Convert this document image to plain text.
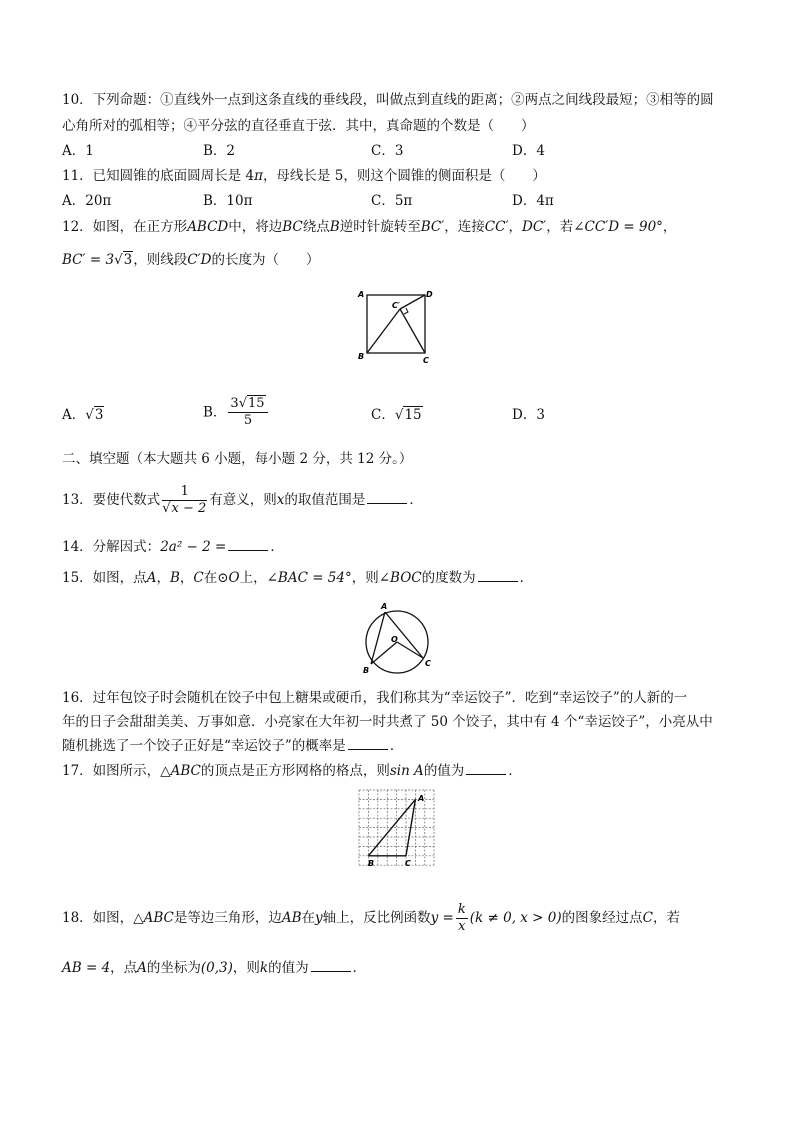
10．下列命题：①直线外一点到这条直线的垂线段，叫做点到直线的距离；②两点之间线段最短；③相等的圆
心角所对的弧相等；④平分弦的直径垂直于弦．其中，真命题的个数是（　　）
A．1	B．2	C．3	D．4
11．已知圆锥的底面圆周长是 4π，母线长是 5，则这个圆锥的侧面积是（　　）
A．20π	B．10π	C．5π	D．4π
12．如图，在正方形ABCD中，将边BC绕点B逆时针旋转至BC′，连接CC′，DC′，若∠CC′D = 90°，
BC′ = 3√3，则线段C′D的长度为（　　）
A
C′
D
B	C
A．√3	B． $\frac{3√15}{5}$	C．√15	D．3
二、填空题（本大题共 6 小题，每小题 2 分，共 12 分。）
13．要使代数式 $\frac{1}{√x - 2}$ 有意义，则x的取值范围是	．
14．分解因式：2a² − 2 =	．
15．如图，点A，B，C在⊙O上，∠BAC = 54°，则∠BOC的度数为	．
A
O
B
C
16．过年包饺子时会随机在饺子中包上糖果或硬币，我们称其为“幸运饺子”．吃到“幸运饺子”的人新的一
年的日子会甜甜美美、万事如意．小亮家在大年初一时共煮了 50 个饺子，其中有 4 个“幸运饺子”，小亮从中
随机挑选了一个饺子正好是“幸运饺子”的概率是	．
17．如图所示，△ABC的顶点是正方形网格的格点，则sin A的值为	．
A
B	C
18．如图，△ABC是等边三角形，边AB在y轴上，反比例函数$y = \frac{k}{x} (k \ne 0$, x > 0)的图象经过点C，若
AB = 4，点A的坐标为(0,3)，则k的值为	．
